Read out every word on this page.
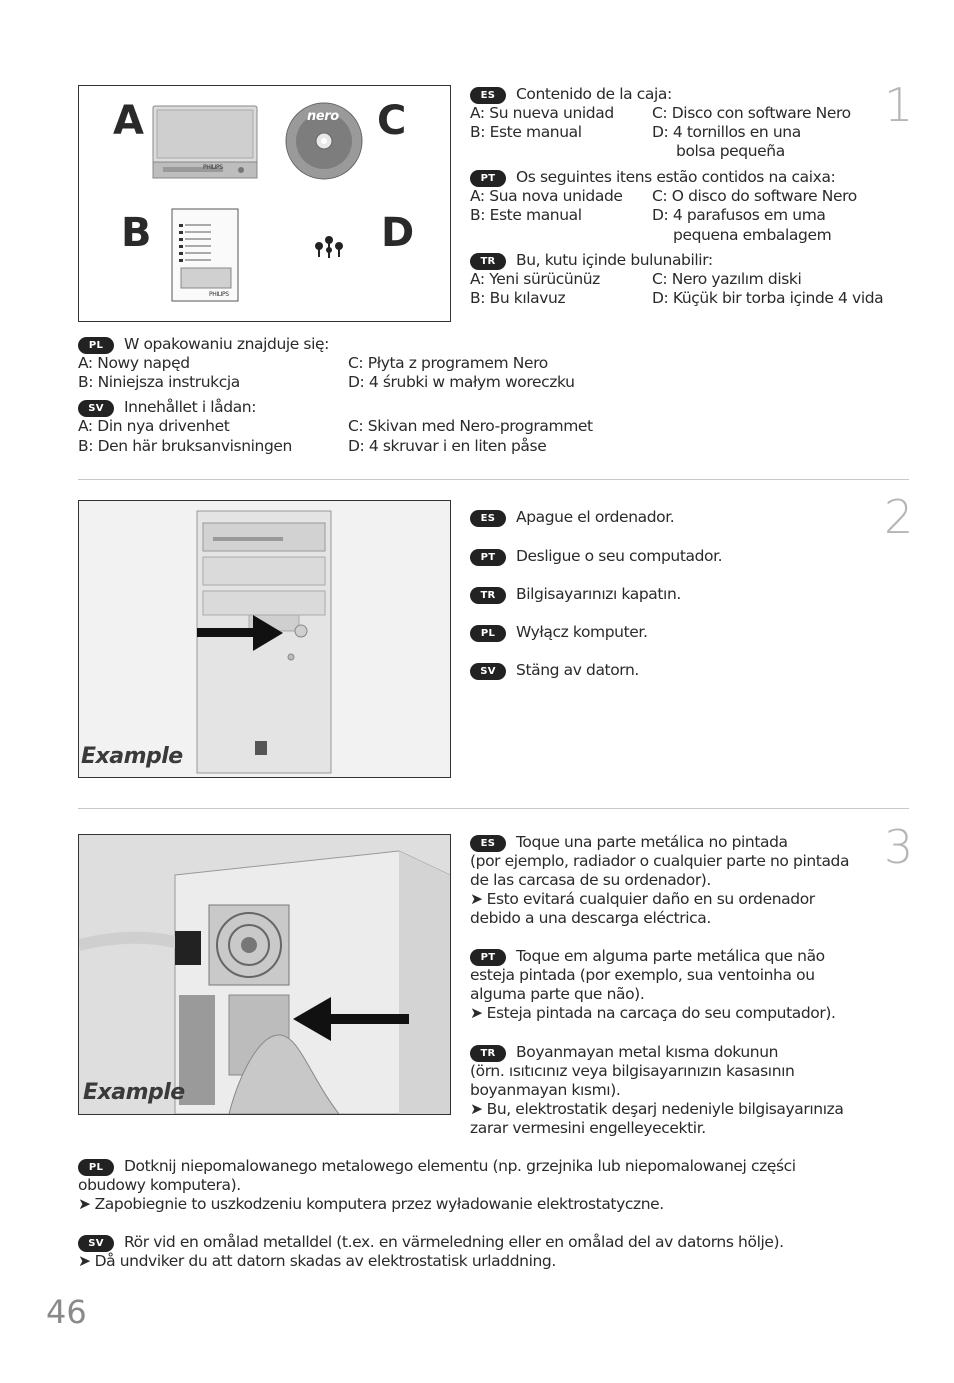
A
B
C
D
PHILIPS
nero
PHILIPS
1
ES Contenido de la caja:
A: Su nueva unidad
B: Este manual
C: Disco con software Nero
D: 4 tornillos en una
bolsa pequeña
PT Os seguintes itens estão contidos na caixa:
A: Sua nova unidade
B: Este manual
C: O disco do software Nero
D: 4 parafusos em uma
pequena embalagem
TR Bu, kutu içinde bulunabilir:
A: Yeni sürücünüz
B: Bu kılavuz
C: Nero yazılım diski
D: Küçük bir torba içinde 4 vida
PL W opakowaniu znajduje się:
A: Nowy napęd
B: Niniejsza instrukcja
C: Płyta z programem Nero
D: 4 śrubki w małym woreczku
SV Innehållet i lådan:
A: Din nya drivenhet
B: Den här bruksanvisningen
C: Skivan med Nero-programmet
D: 4 skruvar i en liten påse
Example
2
ES Apague el ordenador.
PT Desligue o seu computador.
TR Bilgisayarınızı kapatın.
PL Wyłącz komputer.
SV Stäng av datorn.
Example
3
ES Toque una parte metálica no pintada
(por ejemplo, radiador o cualquier parte no pintada
de las carcasa de su ordenador).
➤ Esto evitará cualquier daño en su ordenador
debido a una descarga eléctrica.
PT Toque em alguma parte metálica que não
esteja pintada (por exemplo, sua ventoinha ou
alguma parte que não).
➤ Esteja pintada na carcaça do seu computador).
TR Boyanmayan metal kısma dokunun
(örn. ısıtıcınız veya bilgisayarınızın kasasının
boyanmayan kısmı).
➤ Bu, elektrostatik deşarj nedeniyle bilgisayarınıza
zarar vermesini engelleyecektir.
PL Dotknij niepomalowanego metalowego elementu (np. grzejnika lub niepomalowanej części
obudowy komputera).
➤ Zapobiegnie to uszkodzeniu komputera przez wyładowanie elektrostatyczne.
SV Rör vid en omålad metalldel (t.ex. en värmeledning eller en omålad del av datorns hölje).
➤ Då undviker du att datorn skadas av elektrostatisk urladdning.
46
